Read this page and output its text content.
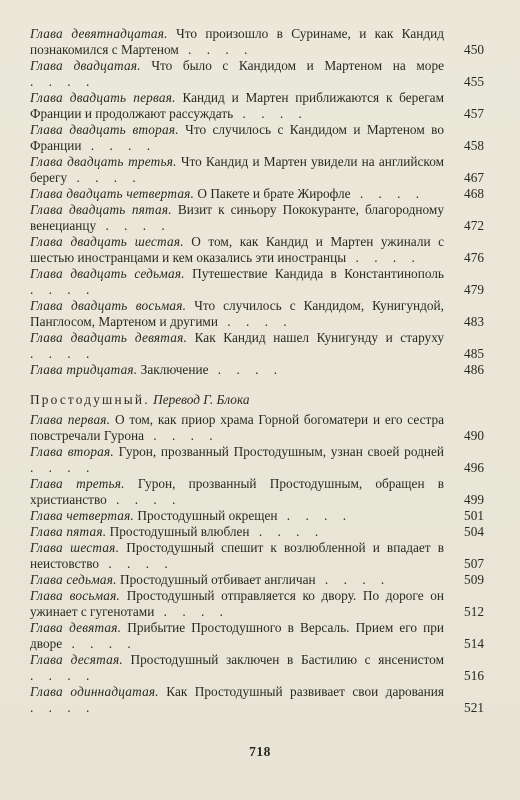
Глава девятнадцатая. Что произошло в Суринаме, и как Кандид познакомился с Мартеном . . . .	450
Глава двадцатая. Что было с Кандидом и Мартеном на море . . . .	455
Глава двадцать первая. Кандид и Мартен приближаются к берегам Франции и продолжают рассуждать . . . .	457
Глава двадцать вторая. Что случилось с Кандидом и Мартеном во Франции . . . .	458
Глава двадцать третья. Что Кандид и Мартен увидели на английском берегу . . . .	467
Глава двадцать четвертая. О Пакете и брате Жирофле . . . .	468
Глава двадцать пятая. Визит к синьору Пококуранте, благородному венецианцу . . . .	472
Глава двадцать шестая. О том, как Кандид и Мартен ужинали с шестью иностранцами и кем оказались эти иностранцы . . . .	476
Глава двадцать седьмая. Путешествие Кандида в Константинополь . . . .	479
Глава двадцать восьмая. Что случилось с Кандидом, Кунигундой, Панглосом, Мартеном и другими . . . .	483
Глава двадцать девятая. Как Кандид нашел Кунигунду и старуху . . . .	485
Глава тридцатая. Заключение . . . .	486
Простодушный. Перевод Г. Блока
Глава первая. О том, как приор храма Горной богоматери и его сестра повстречали Гурона . . . .	490
Глава вторая. Гурон, прозванный Простодушным, узнан своей родней . . . .	496
Глава третья. Гурон, прозванный Простодушным, обращен в христианство . . . .	499
Глава четвертая. Простодушный окрещен . . . .	501
Глава пятая. Простодушный влюблен . . . .	504
Глава шестая. Простодушный спешит к возлюбленной и впадает в неистовство . . . .	507
Глава седьмая. Простодушный отбивает англичан . . . .	509
Глава восьмая. Простодушный отправляется ко двору. По дороге он ужинает с гугенотами . . . .	512
Глава девятая. Прибытие Простодушного в Версаль. Прием его при дворе . . . .	514
Глава десятая. Простодушный заключен в Бастилию с янсенистом . . . .	516
Глава одиннадцатая. Как Простодушный развивает свои дарования . . . .	521
718
